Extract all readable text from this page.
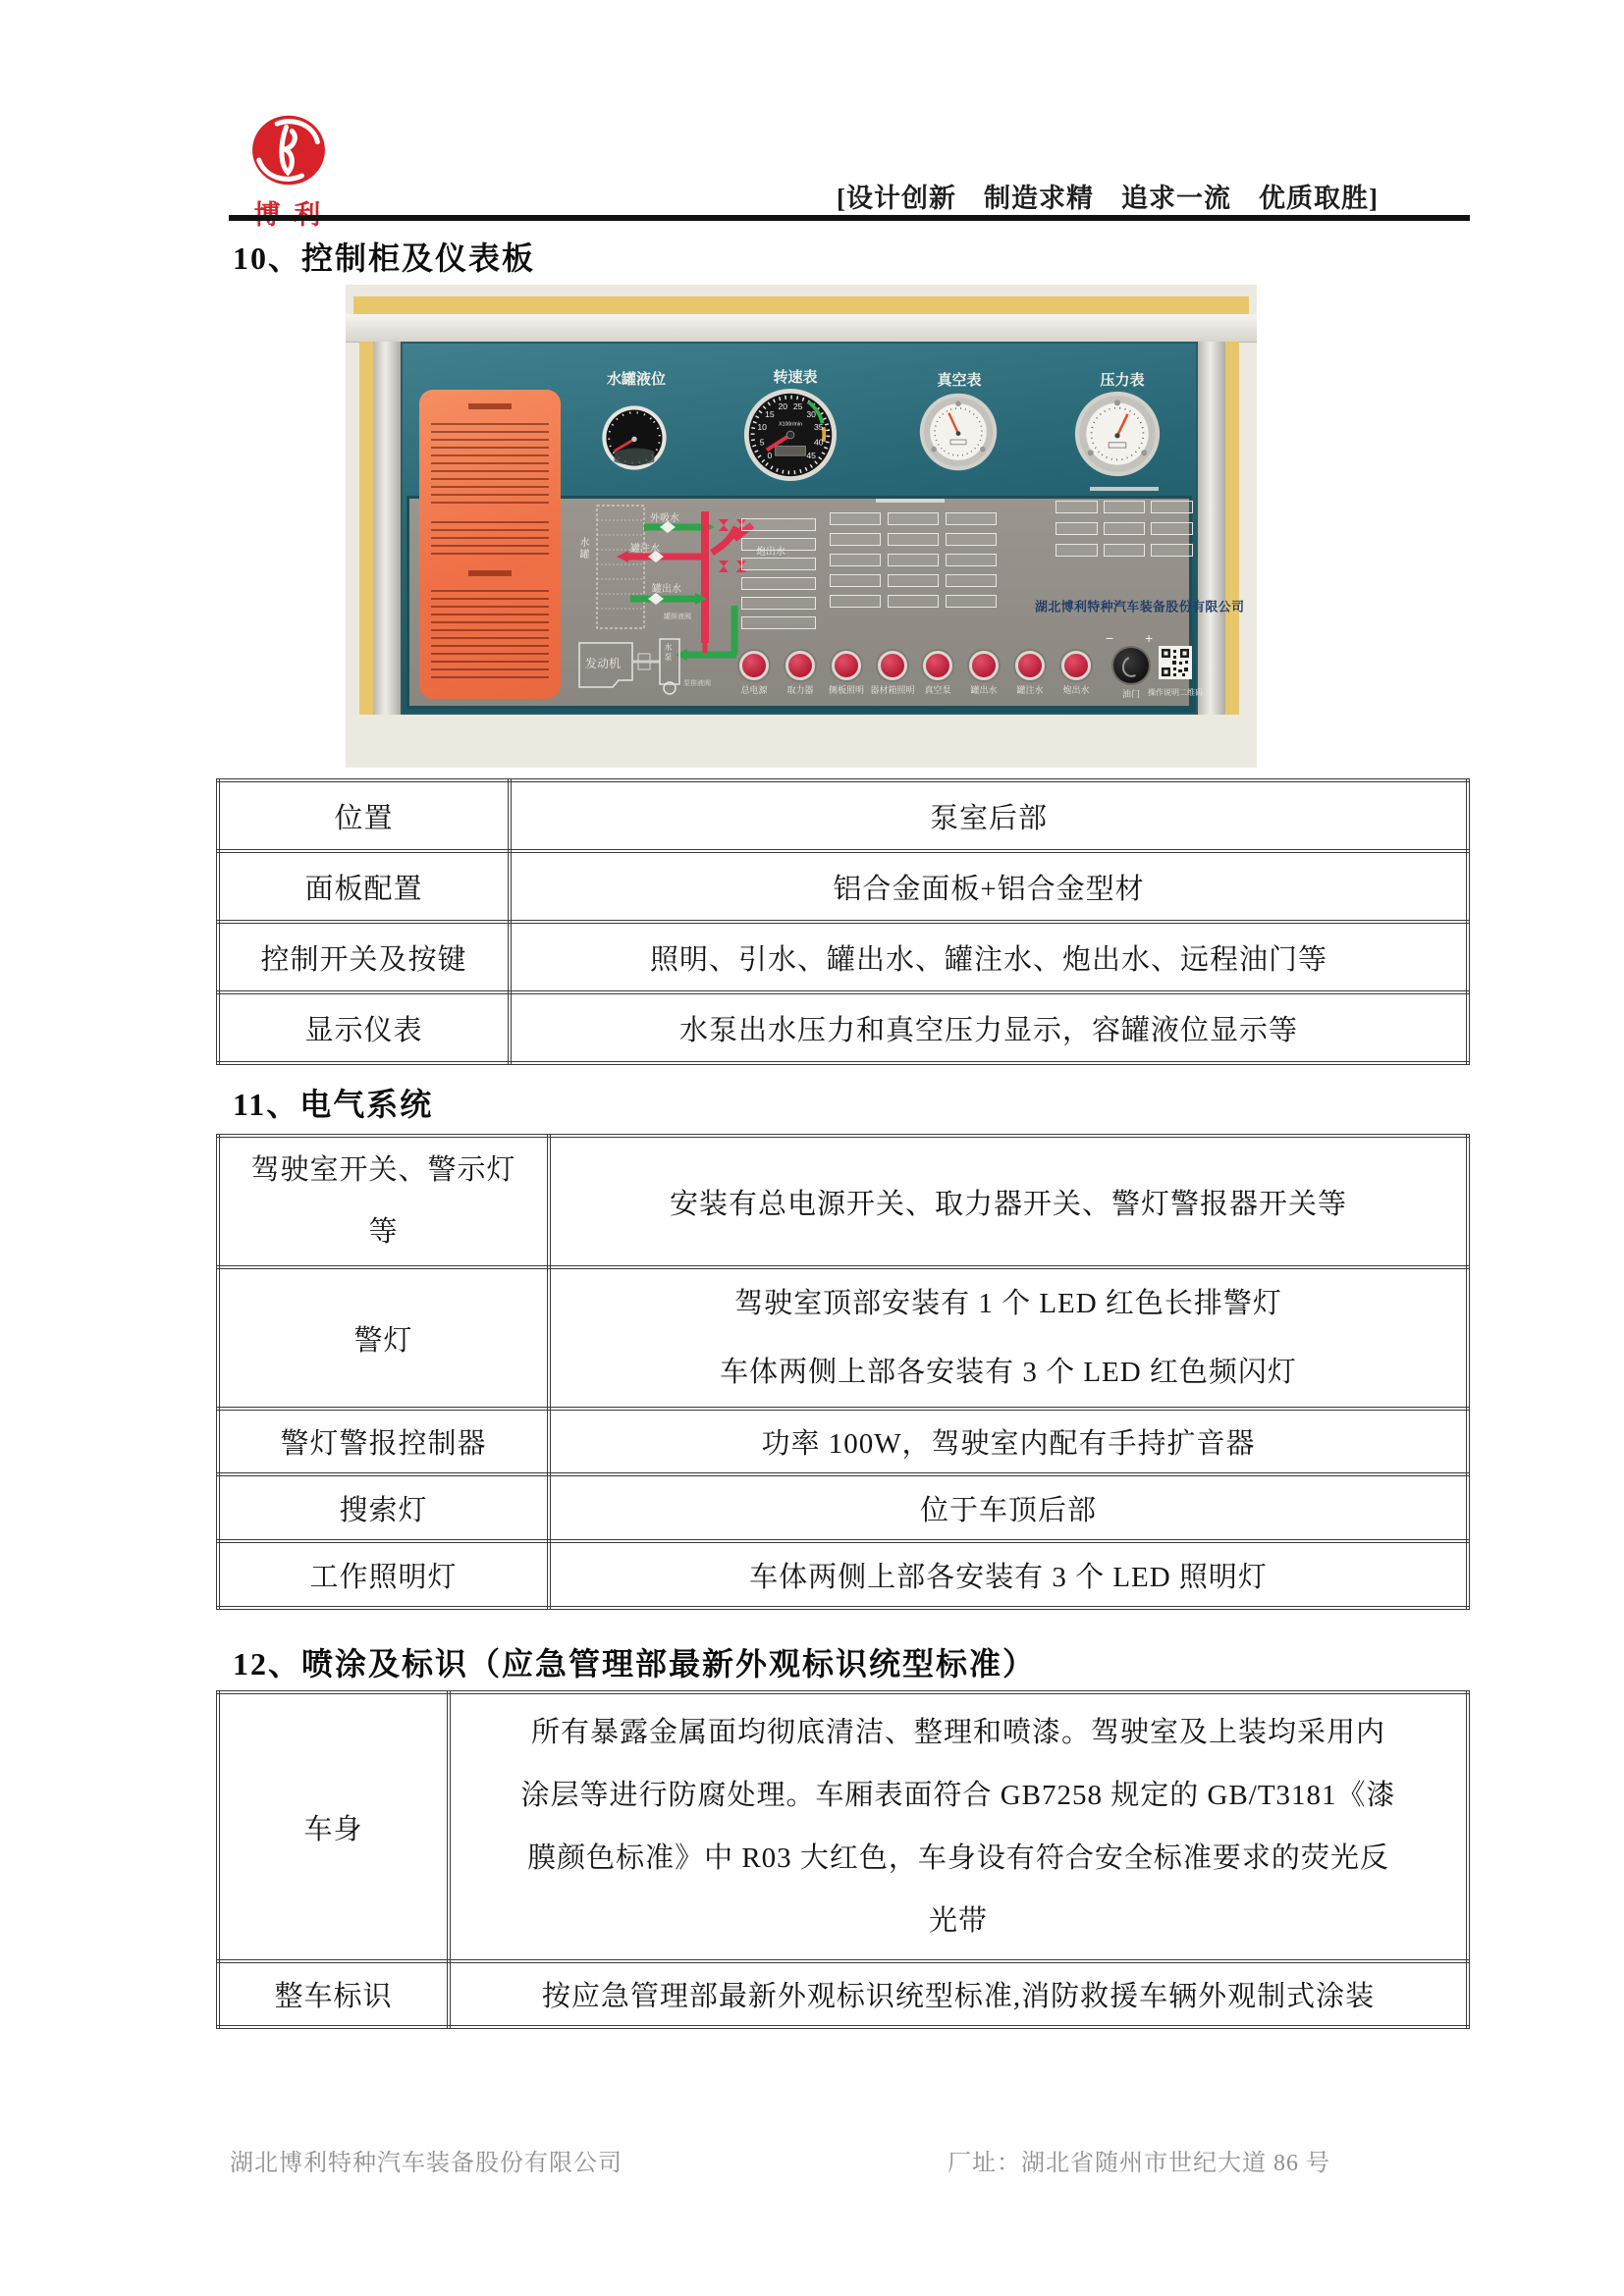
[设计创新　制造求精　追求一流　优质取胜]
10、控制柜及仪表板
水罐液位	转速表	真空表	压力表
0
5
10
15
20 25
30
35
40
45
X100r/min
水罐
外吸水
罐注水	炮出水
罐出水
罐排液阀
泵排液阀
发动机
水泵
湖北博利特种汽车装备股份有限公司
总电源	取力器	侧板照明 器材箱照明	真空泵	罐出水	罐注水	炮出水
− +
油门	操作说明二维码
位置	泵室后部
面板配置	铝合金面板+铝合金型材
控制开关及按键	照明、引水、罐出水、罐注水、炮出水、远程油门等
显示仪表	水泵出水压力和真空压力显示，容罐液位显示等
11、电气系统
驾驶室开关、警示灯
等	安装有总电源开关、取力器开关、警灯警报器开关等
警灯	驾驶室顶部安装有 1 个 LED 红色长排警灯
车体两侧上部各安装有 3 个 LED 红色频闪灯

警灯警报控制器	功率 100W，驾驶室内配有手持扩音器
搜索灯	位于车顶后部
工作照明灯	车体两侧上部各安装有 3 个 LED 照明灯
12、喷涂及标识（应急管理部最新外观标识统型标准）
车身	所有暴露金属面均彻底清洁、整理和喷漆。驾驶室及上装均采用内
涂层等进行防腐处理。车厢表面符合 GB7258 规定的 GB/T3181《漆
膜颜色标准》中 R03 大红色，车身设有符合安全标准要求的荧光反
光带

整车标识	按应急管理部最新外观标识统型标准,消防救援车辆外观制式涂装
湖北博利特种汽车装备股份有限公司	厂址：湖北省随州市世纪大道 86 号
